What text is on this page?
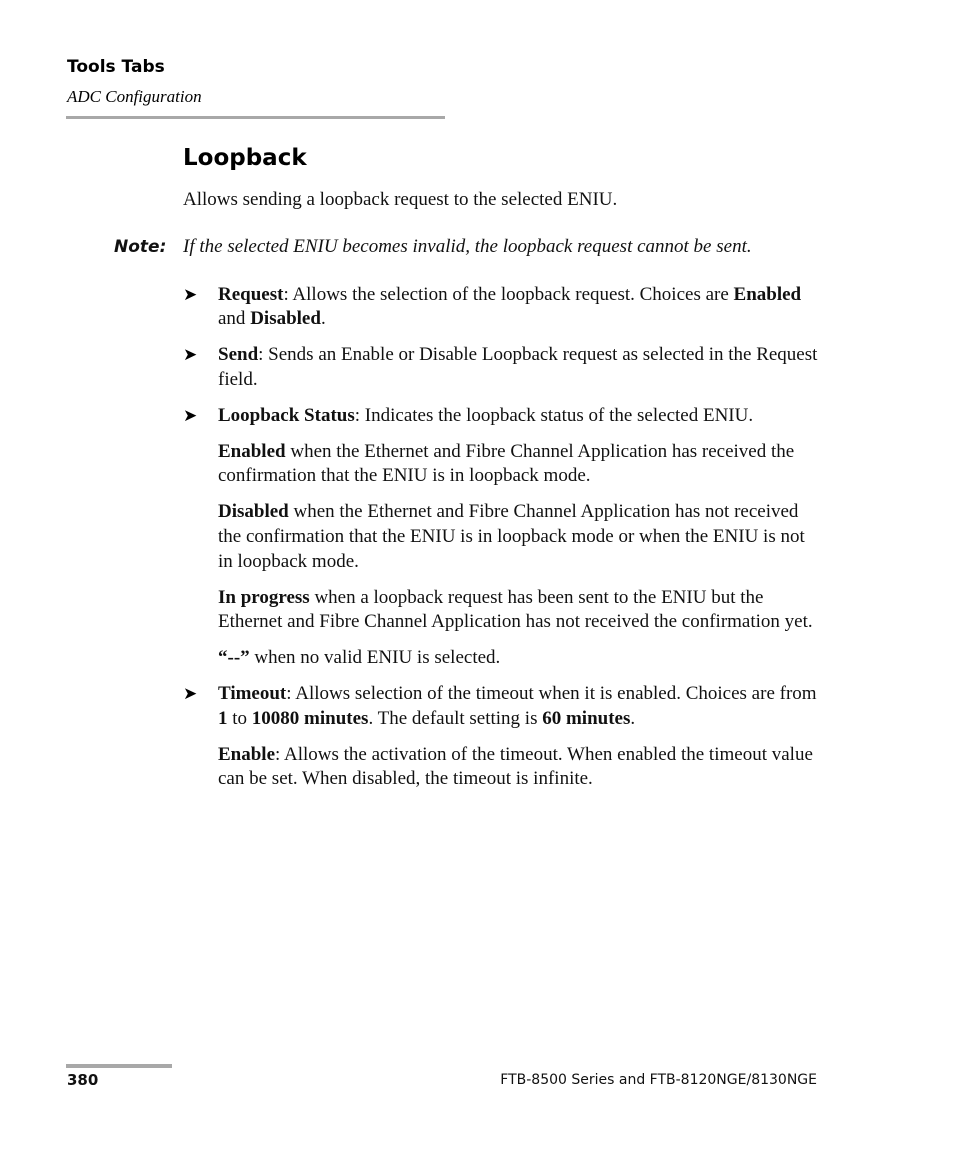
Tools Tabs
ADC Configuration
Loopback

Allows sending a loopback request to the selected ENIU.

Note: If the selected ENIU becomes invalid, the loopback request cannot be sent.

➤ Request: Allows the selection of the loopback request. Choices are Enabled and Disabled.
➤ Send: Sends an Enable or Disable Loopback request as selected in the Request field.
➤ Loopback Status: Indicates the loopback status of the selected ENIU.

Enabled when the Ethernet and Fibre Channel Application has received the confirmation that the ENIU is in loopback mode.

Disabled when the Ethernet and Fibre Channel Application has not received the confirmation that the ENIU is in loopback mode or when the ENIU is not in loopback mode.

In progress when a loopback request has been sent to the ENIU but the Ethernet and Fibre Channel Application has not received the confirmation yet.

“--” when no valid ENIU is selected.

➤ Timeout: Allows selection of the timeout when it is enabled. Choices are from 1 to 10080 minutes. The default setting is 60 minutes.

Enable: Allows the activation of the timeout. When enabled the timeout value can be set. When disabled, the timeout is infinite.

380	FTB-8500 Series and FTB-8120NGE/8130NGE
